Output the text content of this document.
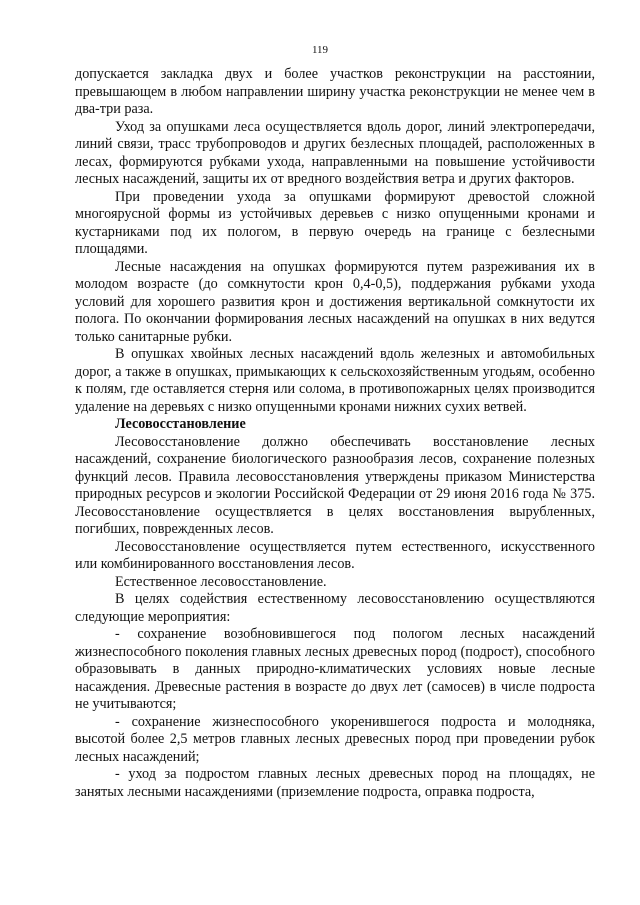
119

допускается закладка двух и более участков реконструкции на расстоянии, превышающем в любом направлении ширину участка реконструкции не менее чем в два-три раза.

Уход за опушками леса осуществляется вдоль дорог, линий электропередачи, линий связи, трасс трубопроводов и других безлесных площадей, расположенных в лесах, формируются рубками ухода, направленными на повышение устойчивости лесных насаждений, защиты их от вредного воздействия ветра и других факторов.

При проведении ухода за опушками формируют древостой сложной многоярусной формы из устойчивых деревьев с низко опущенными кронами и кустарниками под их пологом, в первую очередь на границе с безлесными площадями.

Лесные насаждения на опушках формируются путем разреживания их в молодом возрасте (до сомкнутости крон 0,4-0,5), поддержания рубками ухода условий для хорошего развития крон и достижения вертикальной сомкнутости их полога. По окончании формирования лесных насаждений на опушках в них ведутся только санитарные рубки.

В опушках хвойных лесных насаждений вдоль железных и автомобильных дорог, а также в опушках, примыкающих к сельскохозяйственным угодьям, особенно к полям, где оставляется стерня или солома, в противопожарных целях производится удаление на деревьях с низко опущенными кронами нижних сухих ветвей.

Лесовосстановление

Лесовосстановление должно обеспечивать восстановление лесных насаждений, сохранение биологического разнообразия лесов, сохранение полезных функций лесов. Правила лесовосстановления утверждены приказом Министерства природных ресурсов и экологии Российской Федерации от 29 июня 2016 года № 375. Лесовосстановление осуществляется в целях восстановления вырубленных, погибших, поврежденных лесов.

Лесовосстановление осуществляется путем естественного, искусственного или комбинированного восстановления лесов.

Естественное лесовосстановление.

В целях содействия естественному лесовосстановлению осуществляются следующие мероприятия:

- сохранение возобновившегося под пологом лесных насаждений жизнеспособного поколения главных лесных древесных пород (подрост), способного образовывать в данных природно-климатических условиях новые лесные насаждения. Древесные растения в возрасте до двух лет (самосев) в числе подроста не учитываются;

- сохранение жизнеспособного укоренившегося подроста и молодняка, высотой более 2,5 метров главных лесных древесных пород при проведении рубок лесных насаждений;

- уход за подростом главных лесных древесных пород на площадях, не занятых лесными насаждениями (приземление подроста, оправка подроста,
